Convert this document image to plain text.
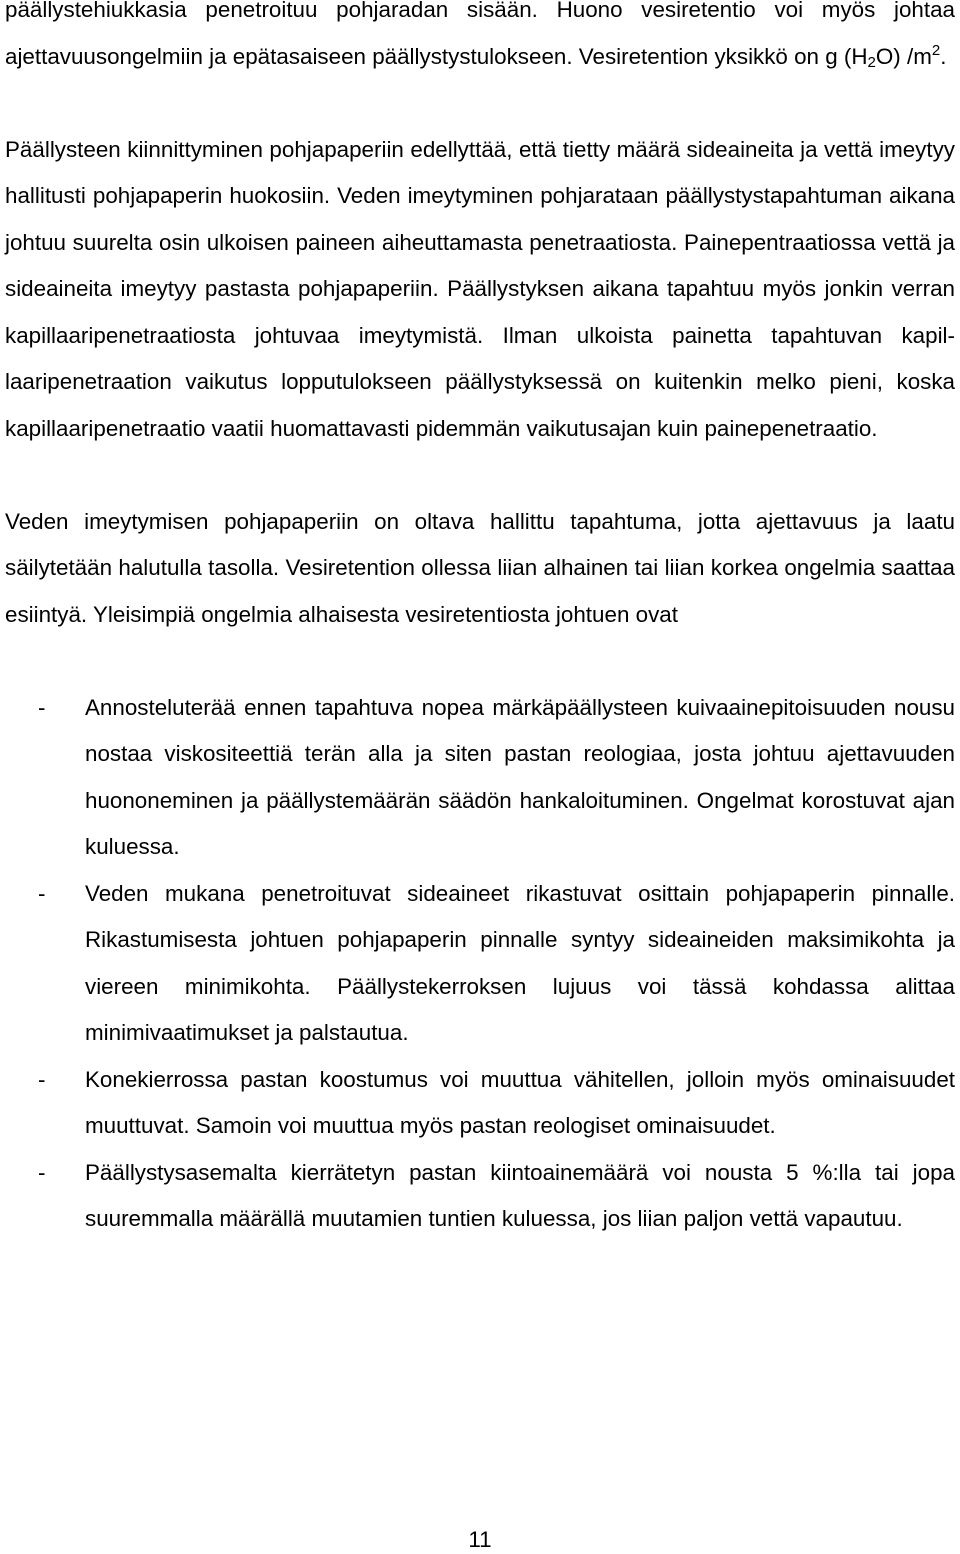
päällystehiukkasia penetroituu pohjaradan sisään. Huono vesiretentio voi myös johtaa ajettavuusongelmiin ja epätasaiseen päällystystulokseen. Vesiretention yksikkö on g $(H_2O)$ $/m^2$.

Päällysteen kiinnittyminen pohjapaperiin edellyttää, että tietty määrä sideaineita ja vettä imeytyy hallitusti pohjapaperin huokosiin. Veden imeytyminen pohjarataan päällystystapahtuman aikana johtuu suurelta osin ulkoisen paineen aiheuttamasta penetraatiosta. Painepentraatiossa vettä ja sideaineita imeytyy pastasta pohjapaperiin. Päällystyksen aikana tapahtuu myös jonkin verran kapillaaripenetraatiosta johtuvaa imeytymistä. Ilman ulkoista painetta tapahtuvan kapillaaripenetraation vaikutus lopputulokseen päällystyksessä on kuitenkin melko pieni, koska kapillaaripenetraatio vaatii huomattavasti pidemmän vaikutusajan kuin painepenetraatio.

Veden imeytymisen pohjapaperiin on oltava hallittu tapahtuma, jotta ajettavuus ja laatu säilytetään halutulla tasolla. Vesiretention ollessa liian alhainen tai liian korkea ongelmia saattaa esiintyä. Yleisimpiä ongelmia alhaisesta vesiretentiosta johtuen ovat

- Annosteluterää ennen tapahtuva nopea märkäpäällysteen kuivaainepitoisuuden nousu nostaa viskositeettiä terän alla ja siten pastan reologiaa, josta johtuu ajettavuuden huononeminen ja päällystemäärän säädön hankaloituminen. Ongelmat korostuvat ajan kuluessa.
- Veden mukana penetroituvat sideaineet rikastuvat osittain pohjapaperin pinnalle. Rikastumisesta johtuen pohjapaperin pinnalle syntyy sideaineiden maksimikohta ja viereen minimikohta. Päällystekerroksen lujuus voi tässä kohdassa alittaa minimivaatimukset ja palstautua.
- Konekierrossa pastan koostumus voi muuttua vähitellen, jolloin myös ominaisuudet muuttuvat. Samoin voi muuttua myös pastan reologiset ominaisuudet.
- Päällystysasemalta kierrätetyn pastan kiintoainemäärä voi nousta 5 %:lla tai jopa suuremmalla määrällä muutamien tuntien kuluessa, jos liian paljon vettä vapautuu.
11
